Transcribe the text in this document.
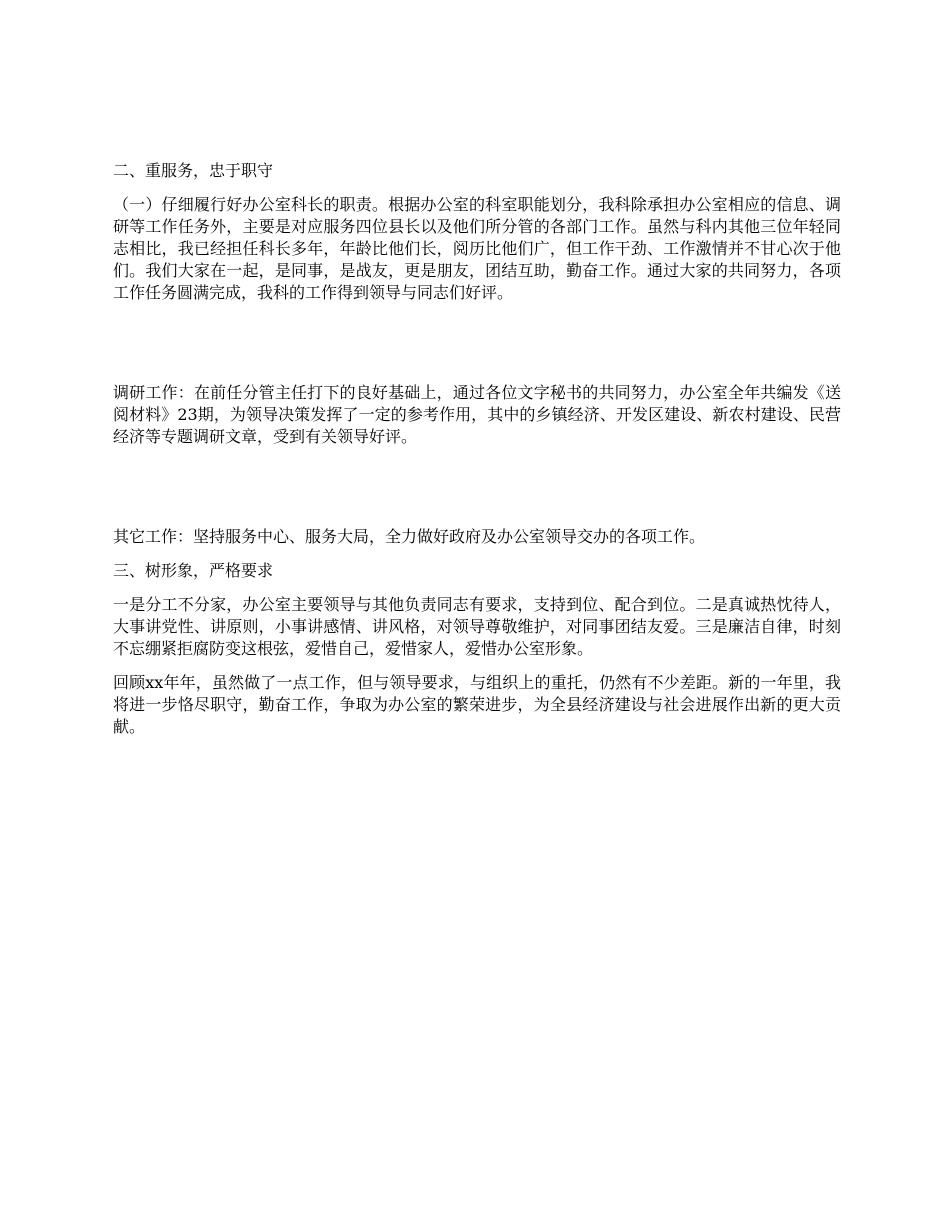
二、重服务，忠于职守

（一）仔细履行好办公室科长的职责。根据办公室的科室职能划分，我科除承担办公室相应的信息、调研等工作任务外，主要是对应服务四位县长以及他们所分管的各部门工作。虽然与科内其他三位年轻同志相比，我已经担任科长多年，年龄比他们长，阅历比他们广，但工作干劲、工作激情并不甘心次于他们。我们大家在一起，是同事，是战友，更是朋友，团结互助，勤奋工作。通过大家的共同努力，各项工作任务圆满完成，我科的工作得到领导与同志们好评。

调研工作：在前任分管主任打下的良好基础上，通过各位文字秘书的共同努力，办公室全年共编发《送阅材料》23期，为领导决策发挥了一定的参考作用，其中的乡镇经济、开发区建设、新农村建设、民营经济等专题调研文章，受到有关领导好评。

其它工作：坚持服务中心、服务大局，全力做好政府及办公室领导交办的各项工作。

三、树形象，严格要求

一是分工不分家，办公室主要领导与其他负责同志有要求，支持到位、配合到位。二是真诚热忱待人，大事讲党性、讲原则，小事讲感情、讲风格，对领导尊敬维护，对同事团结友爱。三是廉洁自律，时刻不忘绷紧拒腐防变这根弦，爱惜自己，爱惜家人，爱惜办公室形象。

回顾xx年年，虽然做了一点工作，但与领导要求，与组织上的重托，仍然有不少差距。新的一年里，我将进一步恪尽职守，勤奋工作，争取为办公室的繁荣进步，为全县经济建设与社会进展作出新的更大贡献。
